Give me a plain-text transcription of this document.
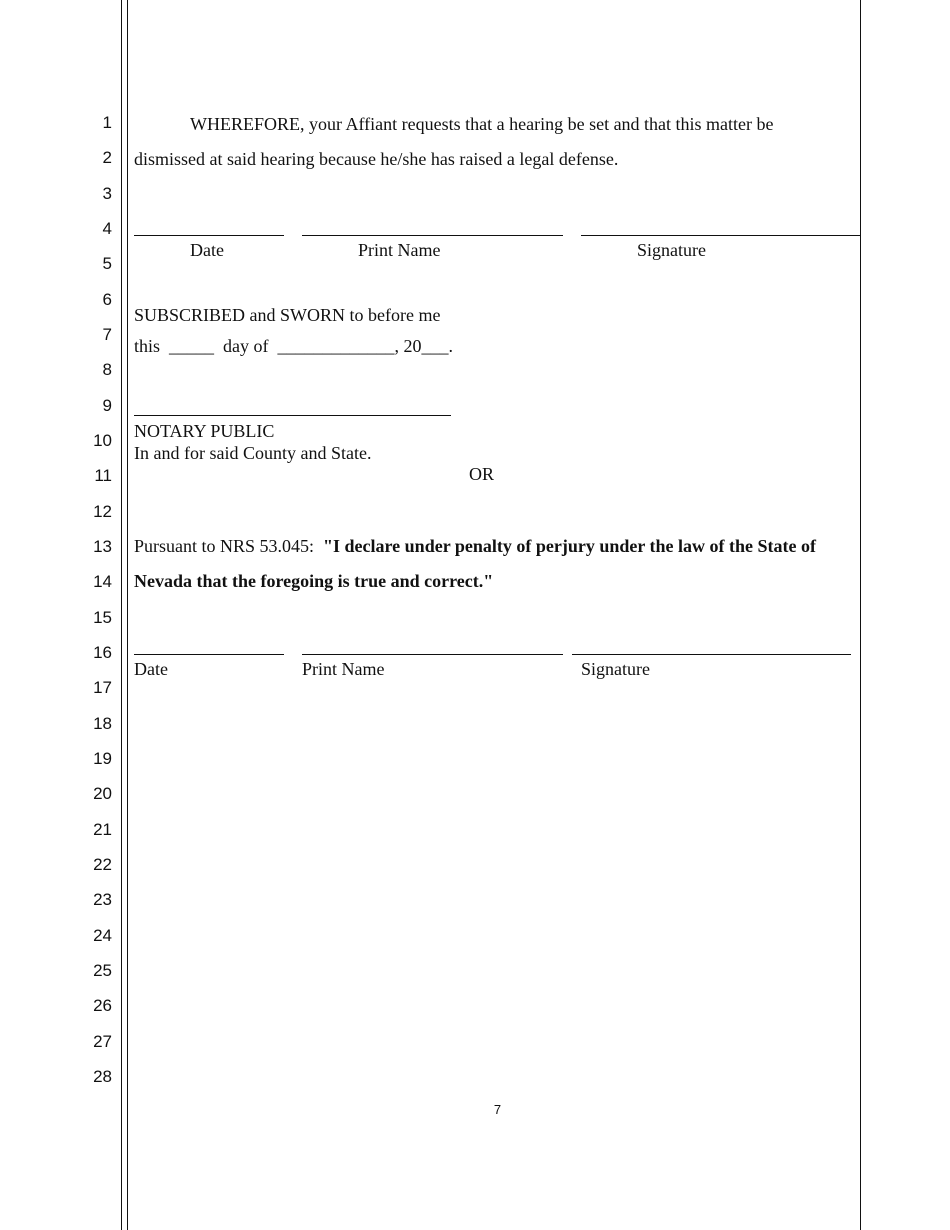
1
2
3
4
5
6
7
8
9
10
11
12
13
14
15
16
17
18
19
20
21
22
23
24
25
26
27
28
WHEREFORE, your Affiant requests that a hearing be set and that this matter be
dismissed at said hearing because he/she has raised a legal defense.
Date	Print Name	Signature
SUBSCRIBED and SWORN to before me
this  _____  day of  _____________, 20___.
NOTARY PUBLIC
In and for said County and State.
OR
Pursuant to NRS 53.045: "I declare under penalty of perjury under the law of the State of
Nevada that the foregoing is true and correct."
Date	Print Name	Signature
7
